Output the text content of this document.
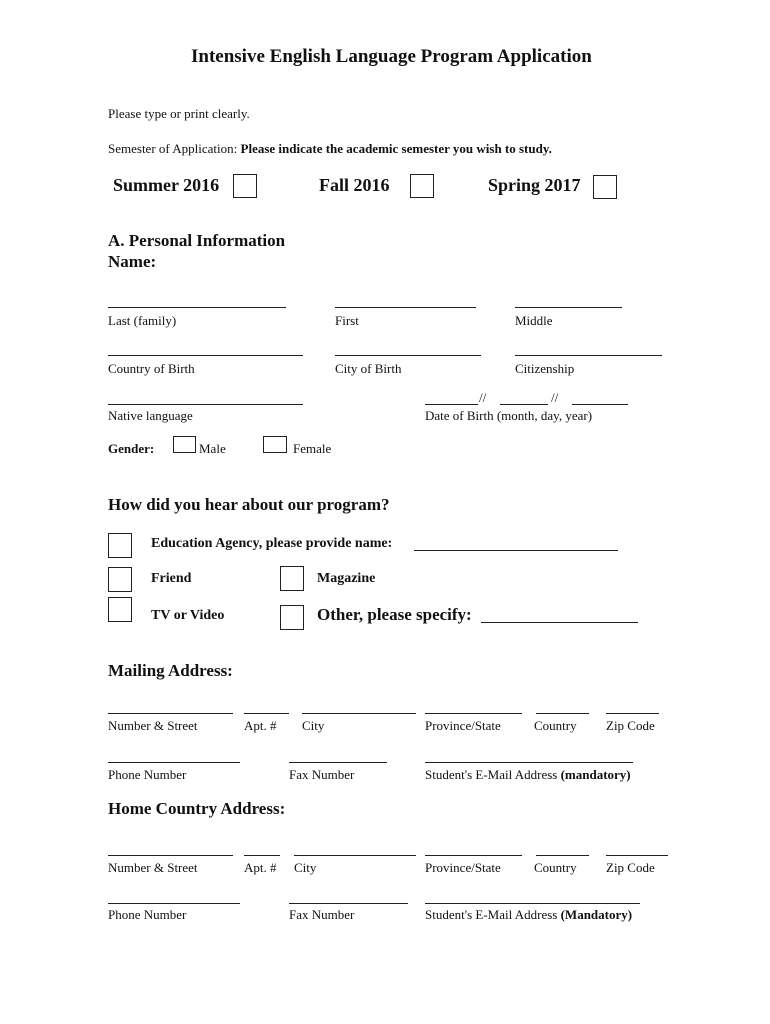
Intensive English Language Program Application
Please type or print clearly.
Semester of Application: Please indicate the academic semester you wish to study.
Summer 2016	Fall 2016	Spring 2017
A. Personal Information
Name:
Last (family)	First	Middle
Country of Birth	City of Birth	Citizenship
//	//
Native language	Date of Birth (month, day, year)
Gender:	Male	Female
How did you hear about our program?
Education Agency, please provide name:
Friend	Magazine
TV or Video	Other, please specify:
Mailing Address:
Number & Street	Apt. # City	Province/State	Country Zip Code
Phone Number	Fax Number	Student's E-Mail Address (mandatory)
Home Country Address:
Number & Street	Apt. # City	Province/State	Country Zip Code
Phone Number	Fax Number	Student's E-Mail Address (Mandatory)
